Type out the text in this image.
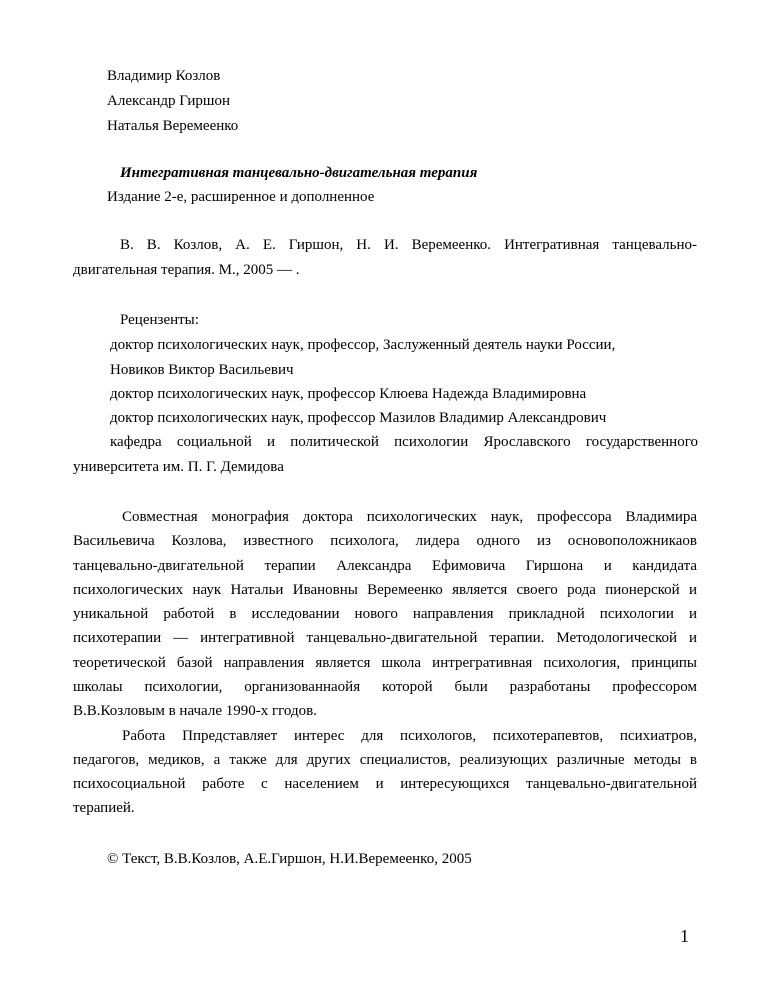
Владимир Козлов
Александр Гиршон
Наталья Веремеенко
Интегративная танцевально-двигательная терапия
Издание 2-е, расширенное и дополненное
В. В. Козлов, А. Е. Гиршон, Н. И. Веремеенко. Интегративная танцевально-
двигательная терапия. М., 2005 — .
Рецензенты:
доктор психологических наук, профессор, Заслуженный деятель науки России,
Новиков Виктор Васильевич
доктор психологических наук, профессор Клюева Надежда Владимировна
доктор психологических наук, профессор Мазилов Владимир Александрович
кафедра социальной и политической психологии Ярославского государственного
университета им. П. Г. Демидова
Совместная монография доктора психологических наук, профессора Владимира
Васильевича Козлова, известного психолога, лидера одного из основоположникаов
танцевально-двигательной терапии Александра Ефимовича Гиршона и кандидата
психологических наук Натальи Ивановны Веремеенко является своего рода пионерской и
уникальной работой в исследовании нового направления прикладной психологии и
психотерапии — интегративной танцевально-двигательной терапии. Методологической и
теоретической базой направления является школа интрегративная психология, принципы
школаы психологии, организованнаойя которой были разработаны профессором
В.В.Козловым в начале 1990-х ггодов.
Работа Ппредставляет интерес для психологов, психотерапевтов, психиатров,
педагогов, медиков, а также для других специалистов, реализующих различные методы в
психосоциальной работе с населением и интересующихся танцевально-двигательной
терапией.
© Текст, В.В.Козлов, А.Е.Гиршон, Н.И.Веремеенко, 2005
1
